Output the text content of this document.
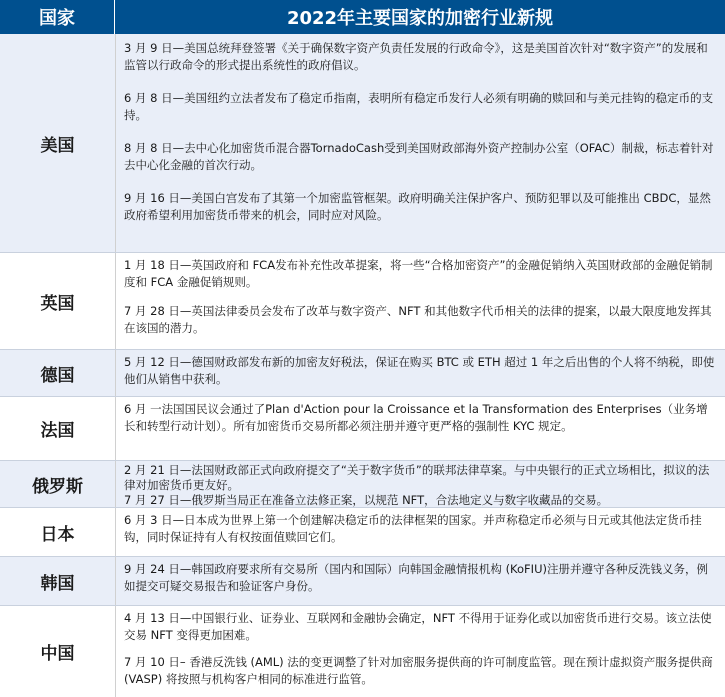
国家	2022年主要国家的加密行业新规
美国
3 月 9 日—美国总统拜登签署《关于确保数字资产负责任发展的行政命令》，这是美国首次针对“数字资产”的发展和监管以行政命令的形式提出系统性的政府倡议。
6 月 8 日—美国纽约立法者发布了稳定币指南，表明所有稳定币发行人必须有明确的赎回和与美元挂钩的稳定币的支持。
8 月 8 日—去中心化加密货币混合器TornadoCash受到美国财政部海外资产控制办公室（OFAC）制裁，标志着针对去中心化金融的首次行动。
9 月 16 日—美国白宫发布了其第一个加密监管框架。政府明确关注保护客户、预防犯罪以及可能推出 CBDC，显然政府希望利用加密货币带来的机会，同时应对风险。
英国
1 月 18 日—英国政府和 FCA发布补充性改革提案，将一些“合格加密资产”的金融促销纳入英国财政部的金融促销制度和 FCA 金融促销规则。
7 月 28 日—英国法律委员会发布了改革与数字资产、NFT 和其他数字代币相关的法律的提案，以最大限度地发挥其在该国的潜力。
德国
5 月 12 日—德国财政部发布新的加密友好税法，保证在购买 BTC 或 ETH 超过 1 年之后出售的个人将不纳税，即使他们从销售中获利。
法国
6 月 一法国国民议会通过了Plan d'Action pour la Croissance et la Transformation des Enterprises（业务增长和转型行动计划）。所有加密货币交易所都必须注册并遵守更严格的强制性 KYC 规定。
俄罗斯
2 月 21 日—法国财政部正式向政府提交了“关于数字货币”的联邦法律草案。与中央银行的正式立场相比，拟议的法律对加密货币更友好。
7 月 27 日—俄罗斯当局正在准备立法修正案，以规范 NFT，合法地定义与数字收藏品的交易。
日本
6 月 3 日—日本成为世界上第一个创建解决稳定币的法律框架的国家。并声称稳定币必须与日元或其他法定货币挂钩，同时保证持有人有权按面值赎回它们。
韩国
9 月 24 日—韩国政府要求所有交易所（国内和国际）向韩国金融情报机构 (KoFIU)注册并遵守各种反洗钱义务，例如提交可疑交易报告和验证客户身份。
中国
4 月 13 日—中国银行业、证券业、互联网和金融协会确定，NFT 不得用于证券化或以加密货币进行交易。该立法使交易 NFT 变得更加困难。
7 月 10 日– 香港反洗钱 (AML) 法的变更调整了针对加密服务提供商的许可制度监管。现在预计虚拟资产服务提供商 (VASP) 将按照与机构客户相同的标准进行监管。
